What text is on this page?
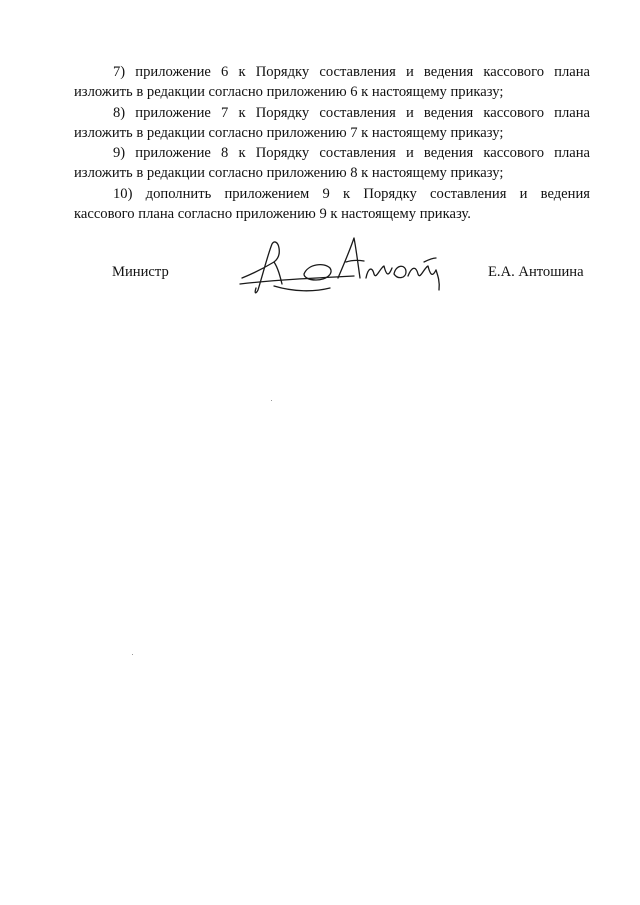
7) приложение 6 к Порядку составления и ведения кассового плана
изложить в редакции согласно приложению 6 к настоящему приказу;

8) приложение 7 к Порядку составления и ведения кассового плана
изложить в редакции согласно приложению 7 к настоящему приказу;

9) приложение 8 к Порядку составления и ведения кассового плана
изложить в редакции согласно приложению 8 к настоящему приказу;

10) дополнить приложением 9 к Порядку составления и ведения
кассового плана согласно приложению 9 к настоящему приказу.

Министр	Е.А. Антошина
